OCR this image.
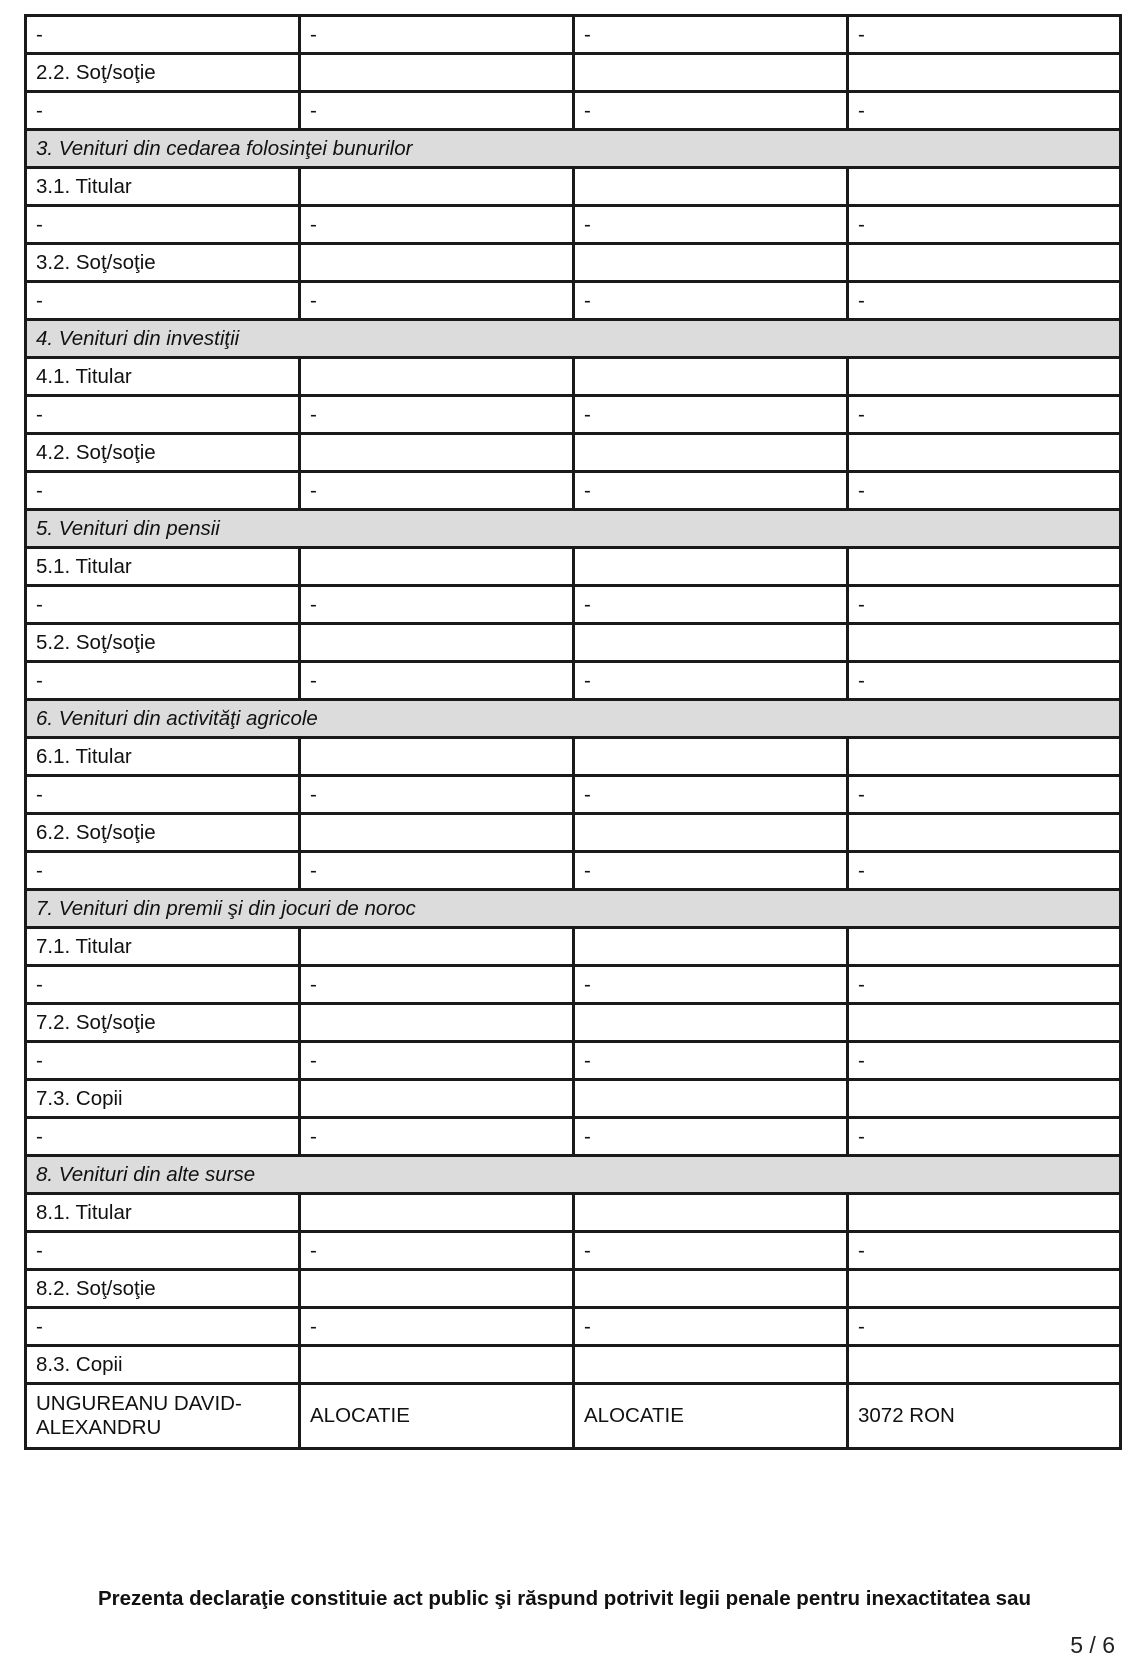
-	-	-	-
2.2. Soţ/soţie			
-	-	-	-
3. Venituri din cedarea folosinţei bunurilor			
3.1. Titular			
-	-	-	-
3.2. Soţ/soţie			
-	-	-	-
4. Venituri din investiţii			
4.1. Titular			
-	-	-	-
4.2. Soţ/soţie			
-	-	-	-
5. Venituri din pensii			
5.1. Titular			
-	-	-	-
5.2. Soţ/soţie			
-	-	-	-
6. Venituri din activităţi agricole			
6.1. Titular			
-	-	-	-
6.2. Soţ/soţie			
-	-	-	-
7. Venituri din premii şi din jocuri de noroc			
7.1. Titular			
-	-	-	-
7.2. Soţ/soţie			
-	-	-	-
7.3. Copii			
-	-	-	-
8. Venituri din alte surse			
8.1. Titular			
-	-	-	-
8.2. Soţ/soţie			
-	-	-	-
8.3. Copii			
UNGUREANU DAVID-ALEXANDRU	ALOCATIE	ALOCATIE	3072 RON
Prezenta declaraţie constituie act public şi răspund potrivit legii penale pentru inexactitatea sau
5 / 6
